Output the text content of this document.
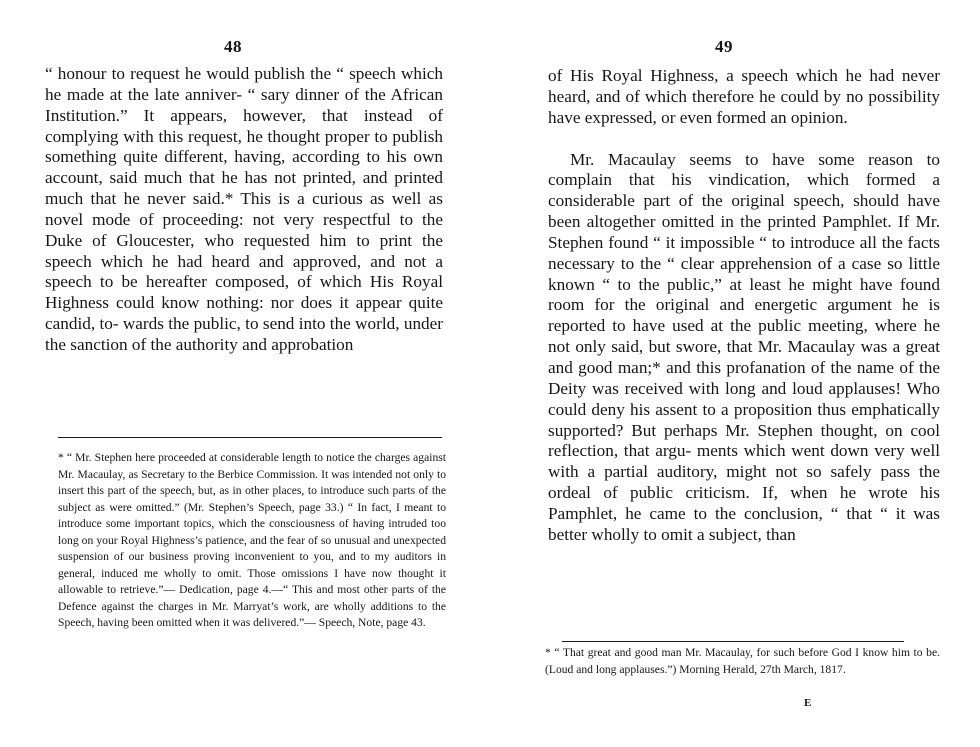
48

“ honour to request he would publish the “ speech which he made at the late anniver- “ sary dinner of the African Institution.” It appears, however, that instead of complying with this request, he thought proper to publish something quite different, having, according to his own account, said much that he has not printed, and printed much that he never said.* This is a curious as well as novel mode of proceeding: not very respectful to the Duke of Gloucester, who requested him to print the speech which he had heard and approved, and not a speech to be hereafter composed, of which His Royal Highness could know nothing: nor does it appear quite candid, to- wards the public, to send into the world, under the sanction of the authority and approbation

* “ Mr. Stephen here proceeded at considerable length to notice the charges against Mr. Macaulay, as Secretary to the Berbice Commission. It was intended not only to insert this part of the speech, but, as in other places, to introduce such parts of the subject as were omitted.” (Mr. Stephen’s Speech, page 33.) “ In fact, I meant to introduce some important topics, which the consciousness of having intruded too long on your Royal Highness’s patience, and the fear of so unusual and unexpected suspension of our business proving inconvenient to you, and to my auditors in general, induced me wholly to omit. Those omissions I have now thought it allowable to retrieve.”— Dedication, page 4.—“ This and most other parts of the Defence against the charges in Mr. Marryat’s work, are wholly additions to the Speech, having been omitted when it was delivered.”— Speech, Note, page 43.

49

of His Royal Highness, a speech which he had never heard, and of which therefore he could by no possibility have expressed, or even formed an opinion.

Mr. Macaulay seems to have some reason to complain that his vindication, which formed a considerable part of the original speech, should have been altogether omitted in the printed Pamphlet. If Mr. Stephen found “ it impossible “ to introduce all the facts necessary to the “ clear apprehension of a case so little known “ to the public,” at least he might have found room for the original and energetic argument he is reported to have used at the public meeting, where he not only said, but swore, that Mr. Macaulay was a great and good man;* and this profanation of the name of the Deity was received with long and loud applauses! Who could deny his assent to a proposition thus emphatically supported? But perhaps Mr. Stephen thought, on cool reflection, that argu- ments which went down very well with a partial auditory, might not so safely pass the ordeal of public criticism. If, when he wrote his Pamphlet, he came to the conclusion, “ that “ it was better wholly to omit a subject, than

* “ That great and good man Mr. Macaulay, for such before God I know him to be. (Loud and long applauses.”) Morning Herald, 27th March, 1817.

E
